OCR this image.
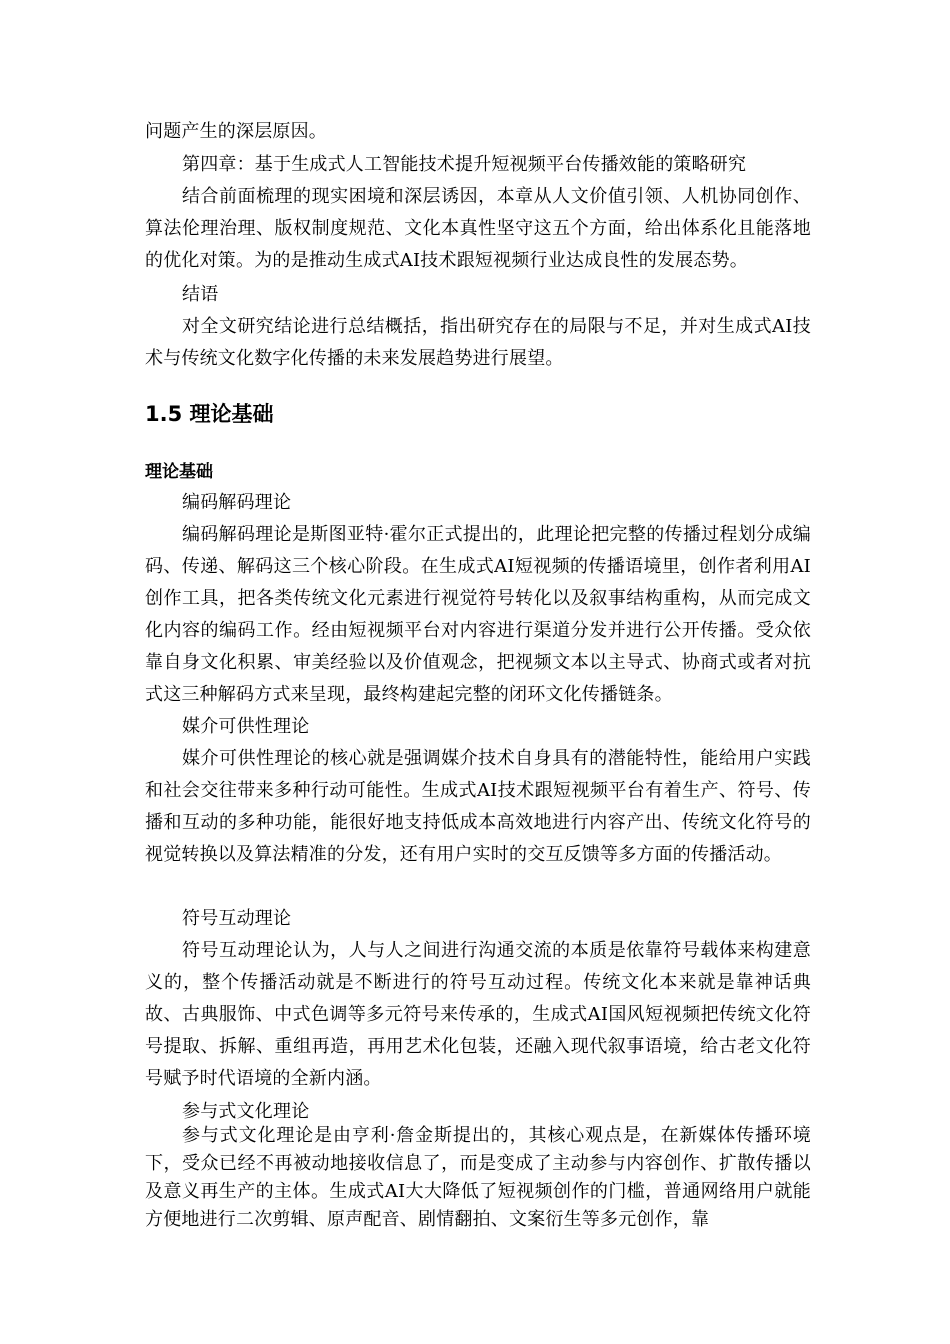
问题产生的深层原因。

第四章：基于生成式人工智能技术提升短视频平台传播效能的策略研究

结合前面梳理的现实困境和深层诱因，本章从人文价值引领、人机协同创作、算法伦理治理、版权制度规范、文化本真性坚守这五个方面，给出体系化且能落地的优化对策。为的是推动生成式AI技术跟短视频行业达成良性的发展态势。

结语

对全文研究结论进行总结概括，指出研究存在的局限与不足，并对生成式AI技术与传统文化数字化传播的未来发展趋势进行展望。

1.5 理论基础
理论基础

编码解码理论

编码解码理论是斯图亚特·霍尔正式提出的，此理论把完整的传播过程划分成编码、传递、解码这三个核心阶段。在生成式AI短视频的传播语境里，创作者利用AI创作工具，把各类传统文化元素进行视觉符号转化以及叙事结构重构，从而完成文化内容的编码工作。经由短视频平台对内容进行渠道分发并进行公开传播。受众依靠自身文化积累、审美经验以及价值观念，把视频文本以主导式、协商式或者对抗式这三种解码方式来呈现，最终构建起完整的闭环文化传播链条。

媒介可供性理论

媒介可供性理论的核心就是强调媒介技术自身具有的潜能特性，能给用户实践和社会交往带来多种行动可能性。生成式AI技术跟短视频平台有着生产、符号、传播和互动的多种功能，能很好地支持低成本高效地进行内容产出、传统文化符号的视觉转换以及算法精准的分发，还有用户实时的交互反馈等多方面的传播活动。

符号互动理论

符号互动理论认为，人与人之间进行沟通交流的本质是依靠符号载体来构建意义的，整个传播活动就是不断进行的符号互动过程。传统文化本来就是靠神话典故、古典服饰、中式色调等多元符号来传承的，生成式AI国风短视频把传统文化符号提取、拆解、重组再造，再用艺术化包装，还融入现代叙事语境，给古老文化符号赋予时代语境的全新内涵。

参与式文化理论

参与式文化理论是由亨利·詹金斯提出的，其核心观点是，在新媒体传播环境下，受众已经不再被动地接收信息了，而是变成了主动参与内容创作、扩散传播以及意义再生产的主体。生成式AI大大降低了短视频创作的门槛，普通网络用户就能方便地进行二次剪辑、原声配音、剧情翻拍、文案衍生等多元创作，靠
